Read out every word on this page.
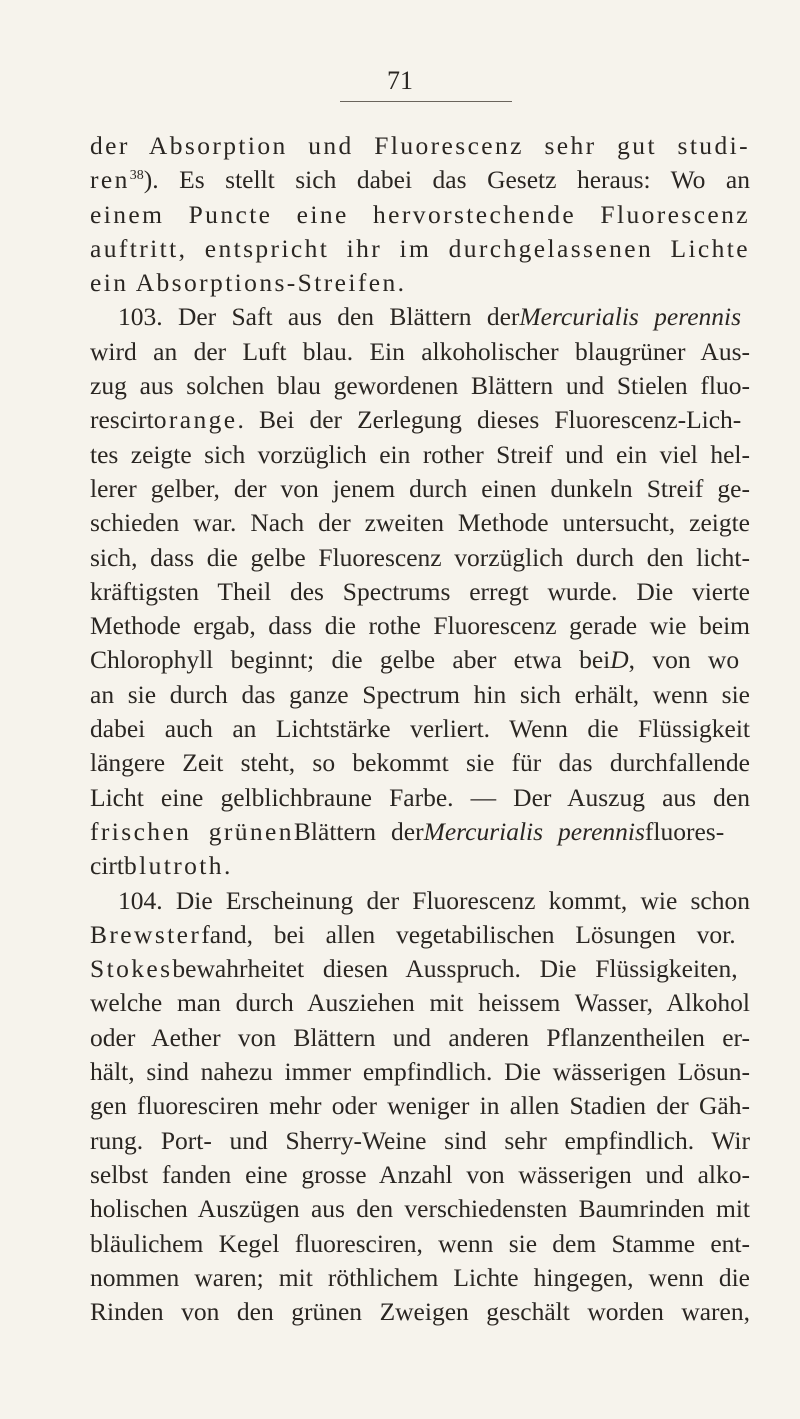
71
der Absorption und Fluorescenz sehr gut studi-
ren$^{38}$). Es stellt sich dabei das Gesetz heraus: Wo an
einem Puncte eine hervorstechende Fluorescenz
auftritt, entspricht ihr im durchgelassenen Lichte
ein Absorptions-Streifen.
103. Der Saft aus den Blättern derMercurialis perennis
wird an der Luft blau. Ein alkoholischer blaugrüner Aus-
zug aus solchen blau gewordenen Blättern und Stielen fluo-
rescirtorange. Bei der Zerlegung dieses Fluorescenz-Lich-
tes zeigte sich vorzüglich ein rother Streif und ein viel hel-
lerer gelber, der von jenem durch einen dunkeln Streif ge-
schieden war. Nach der zweiten Methode untersucht, zeigte
sich, dass die gelbe Fluorescenz vorzüglich durch den licht-
kräftigsten Theil des Spectrums erregt wurde. Die vierte
Methode ergab, dass die rothe Fluorescenz gerade wie beim
Chlorophyll beginnt; die gelbe aber etwa beiD, von wo
an sie durch das ganze Spectrum hin sich erhält, wenn sie
dabei auch an Lichtstärke verliert. Wenn die Flüssigkeit
längere Zeit steht, so bekommt sie für das durchfallende
Licht eine gelblichbraune Farbe. — Der Auszug aus den
frischen grünenBlättern derMercurialis perennisfluores-
cirtblutroth.
104. Die Erscheinung der Fluorescenz kommt, wie schon
Brewsterfand, bei allen vegetabilischen Lösungen vor.
Stokesbewahrheitet diesen Ausspruch. Die Flüssigkeiten,
welche man durch Ausziehen mit heissem Wasser, Alkohol
oder Aether von Blättern und anderen Pflanzentheilen er-
hält, sind nahezu immer empfindlich. Die wässerigen Lösun-
gen fluoresciren mehr oder weniger in allen Stadien der Gäh-
rung. Port- und Sherry-Weine sind sehr empfindlich. Wir
selbst fanden eine grosse Anzahl von wässerigen und alko-
holischen Auszügen aus den verschiedensten Baumrinden mit
bläulichem Kegel fluoresciren, wenn sie dem Stamme ent-
nommen waren; mit röthlichem Lichte hingegen, wenn die
Rinden von den grünen Zweigen geschält worden waren,
